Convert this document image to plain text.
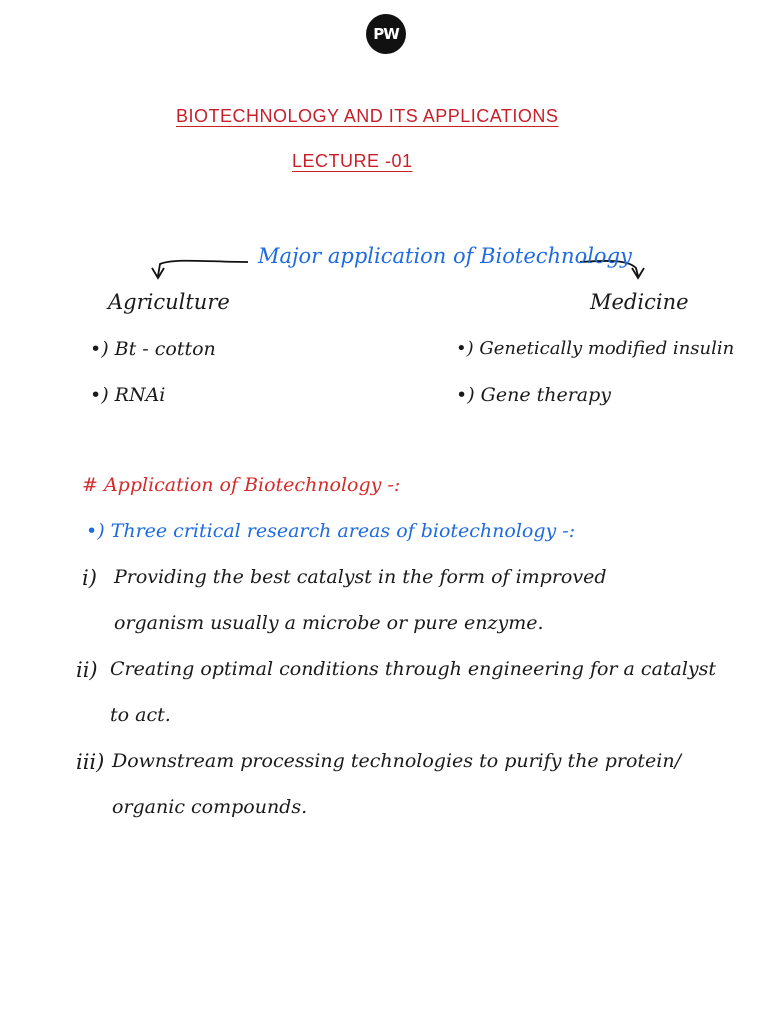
PW
BIOTECHNOLOGY AND ITS APPLICATIONS
LECTURE -01
Major application of Biotechnology
Agriculture	Medicine
•) Bt - cotton
•) RNAi
•) Genetically modified insulin
•) Gene therapy
# Application of Biotechnology -:
•) Three critical research areas of biotechnology -:
i) Providing the best catalyst in the form of improved
organism usually a microbe or pure enzyme.
ii) Creating optimal conditions through engineering for a catalyst
to act.
iii) Downstream processing technologies to purify the protein/
organic compounds.
